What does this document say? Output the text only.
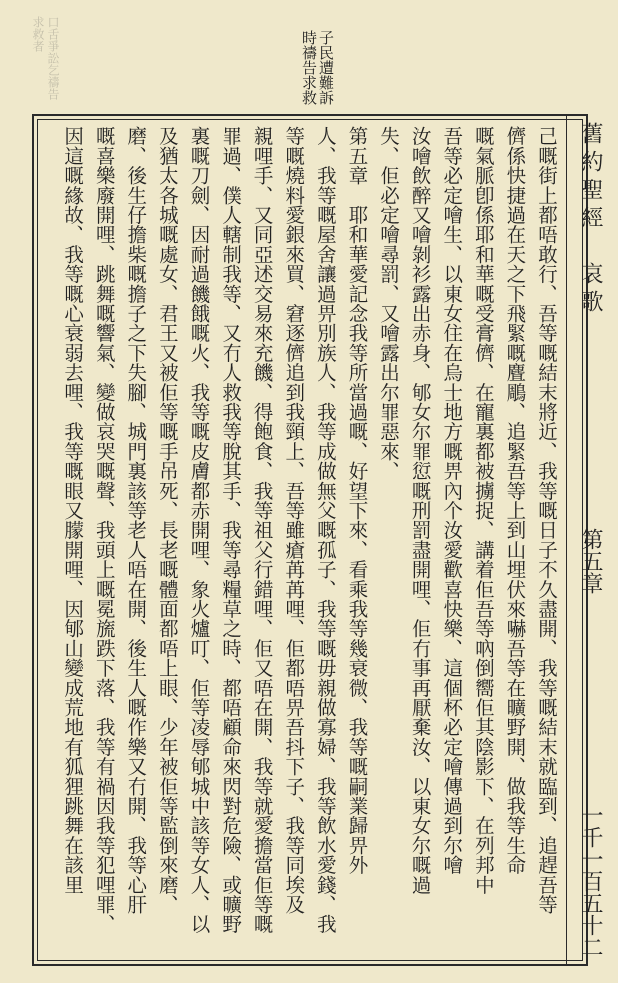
口舌爭訟乞禱告求救者	子民遭難訴時禱告求救
舊約聖經　哀歌
第五章
一千一百五十二
己嘅街上都唔敢行、吾等嘅結末將近、我等嘅日子不久盡開、我等嘅結末就臨到、追趕吾等
儕係快捷過在天之下飛緊嘅麆鵰、追緊吾等上到山埋伏來嚇吾等在曠野開、做我等生命
嘅氣脈卽係耶和華嘅受膏儕、在寵裏都被擄捉、講着佢吾等吶倒嚮佢其陰影下、在列邦中
吾等必定噲生、以東女住在烏士地方嘅畀內个汝愛歡喜快樂、這個杯必定噲傳過到尔噲
汝噲飲醉又噲剝衫露出赤身、郇女尔罪愆嘅刑罰盡開哩、佢冇事再厭棄汝、以東女尔嘅過
失、佢必定噲尋罰、又噲露出尔罪惡來、
第五章　耶和華愛記念我等所當過嘅、好望下來、看乘我等幾衰微、我等嘅嗣業歸畀外
人、我等嘅屋舍讓過畀別族人、我等成做無父嘅孤子、我等嘅毋親做寡婦、我等飲水愛錢、我
等嘅燒料愛銀來買、窘逐儕追到我頸上、吾等雖瘡苒苒哩、佢都唔畀吾抖下子、我等同埃及
親哩手、又同亞述交易來充饑、得飽食、我等祖父行錯哩、佢又唔在開、我等就愛擔當佢等嘅
罪過、僕人轄制我等、又冇人救我等脫其手、我等尋糧草之時、都唔顧命來閃對危險、或曠野
裏嘅刀劍、因耐過饑餓嘅火、我等嘅皮膚都赤開哩、象火爐叮、佢等凌辱郇城中該等女人、以
及猶太各城嘅處女、君王又被佢等嘅手吊死、長老嘅體面都唔上眼、少年被佢等監倒來磨、
磨、後生仔擔柴嘅擔子之下失腳、城門裏該等老人唔在開、後生人嘅作樂又冇開、我等心肝
嘅喜樂廢開哩、跳舞嘅響氣、變做哀哭嘅聲、我頭上嘅冕旒跌下落、我等有禍因我等犯哩罪、
因這嘅緣故、我等嘅心衰弱去哩、我等嘅眼又朦開哩、因郇山變成荒地有狐狸跳舞在該里
